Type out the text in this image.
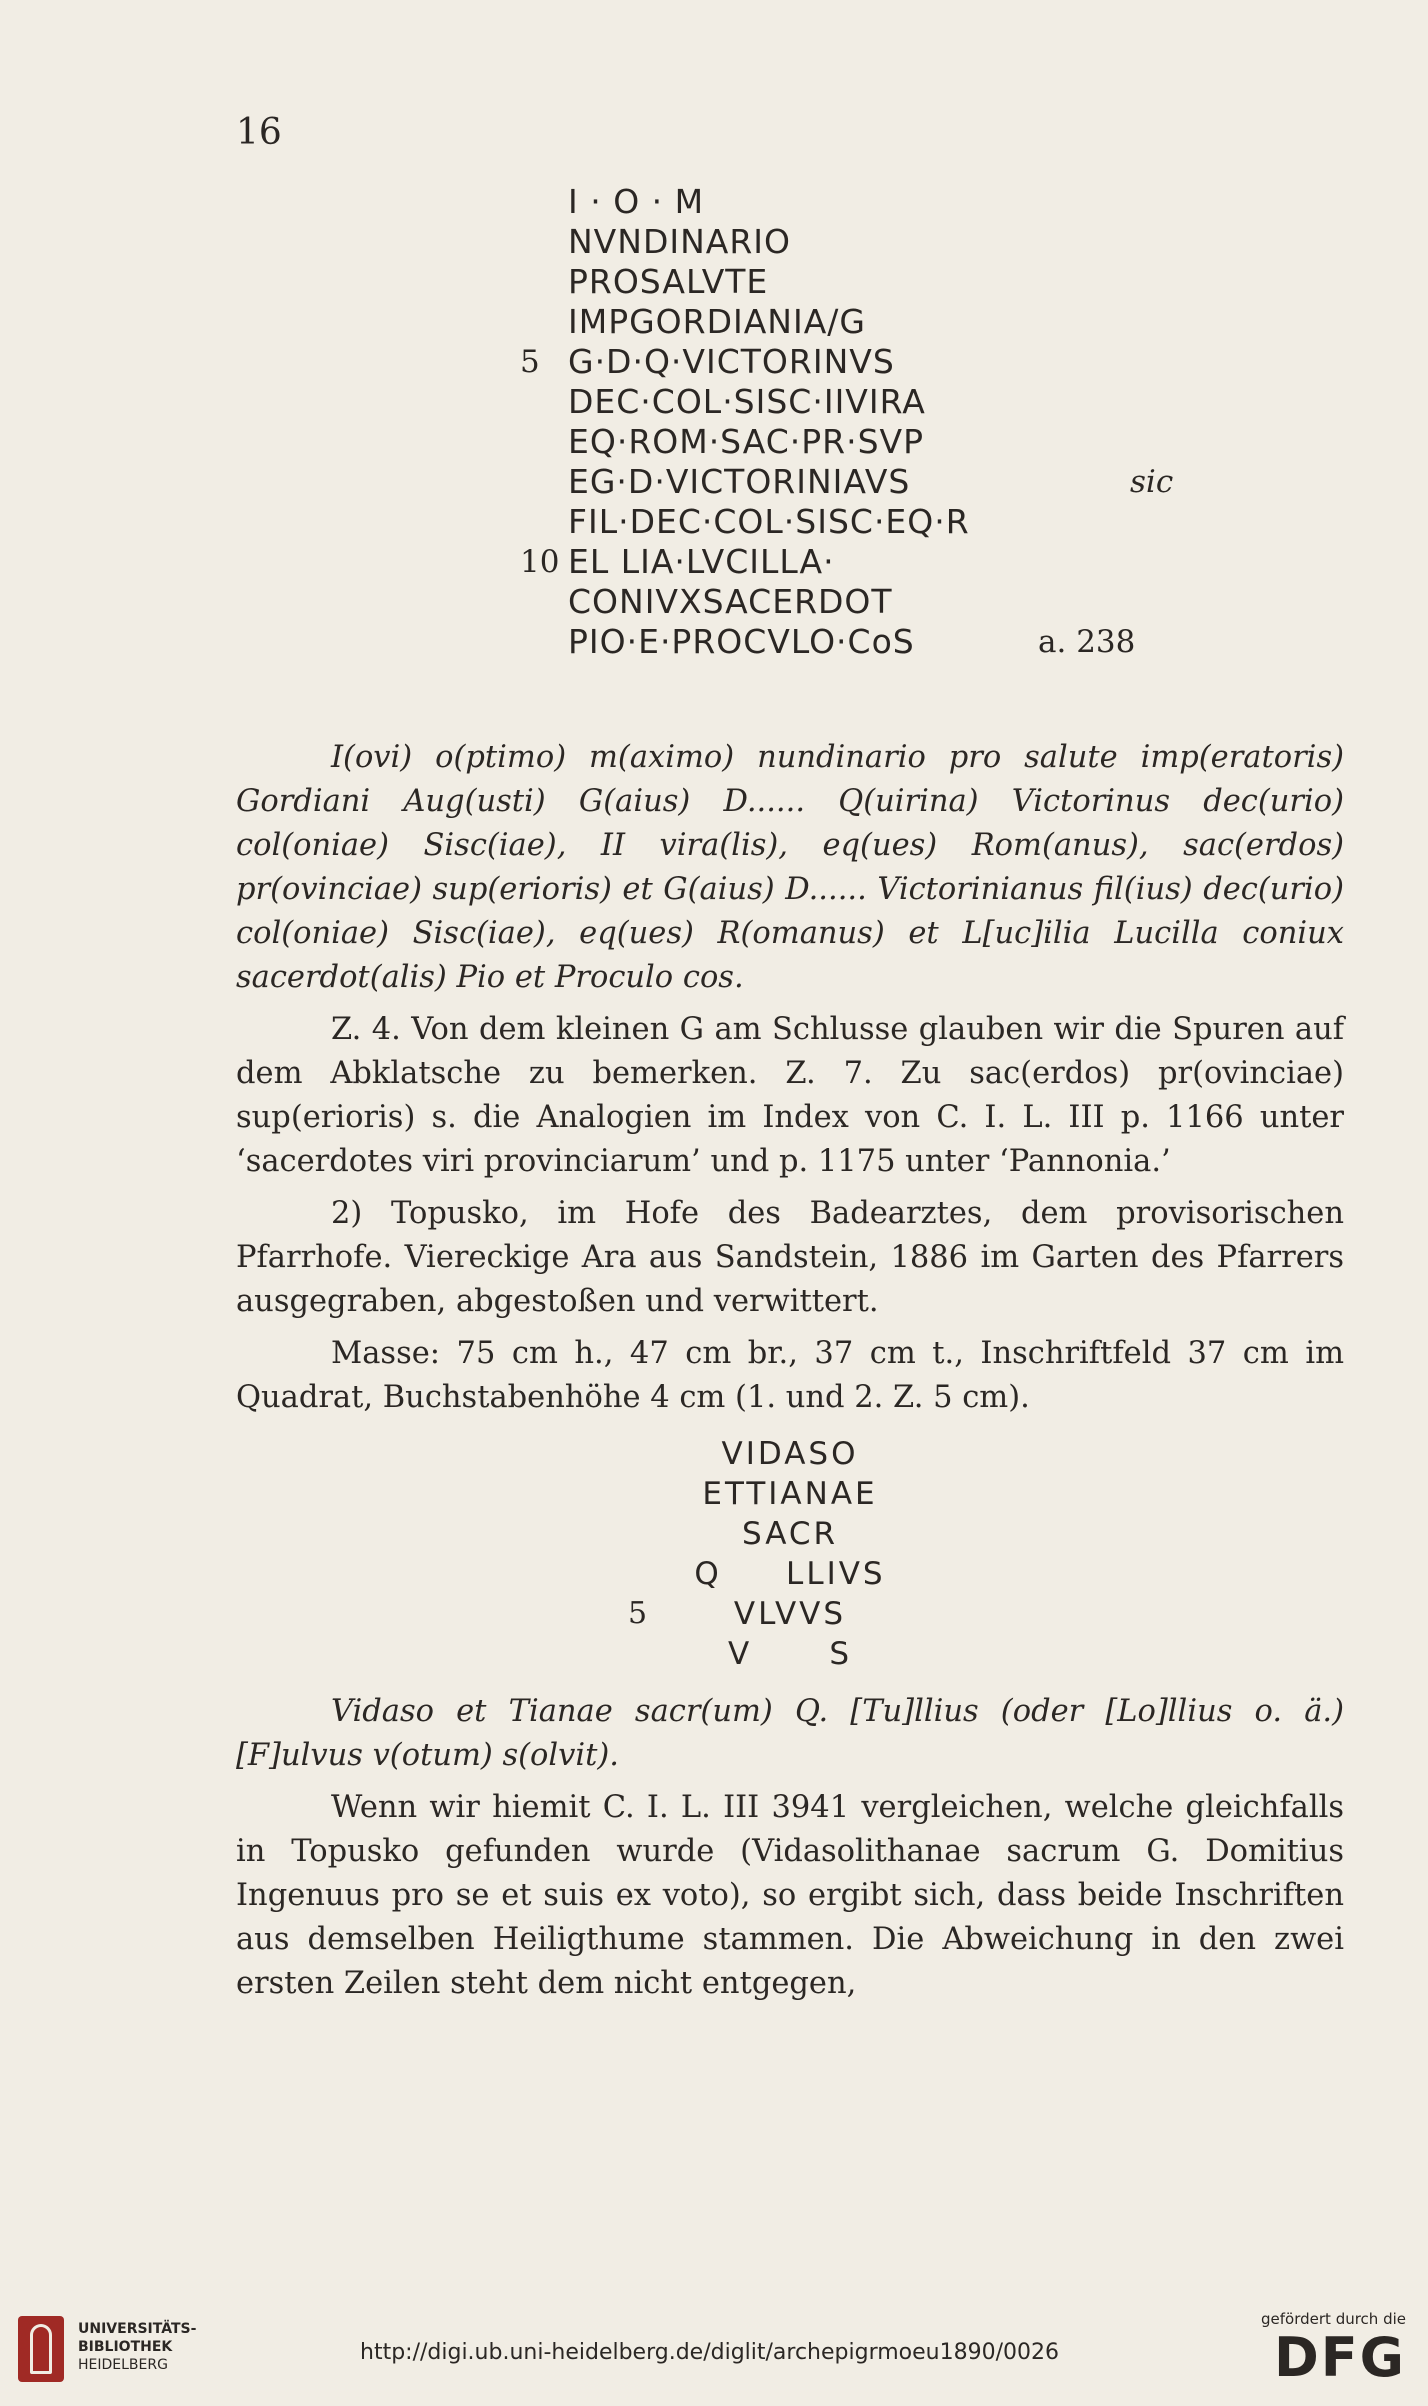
16
I · O · M
NVNDINARIO
PROSALVTE
IMPGORDIANIA/G
5 G·D·Q·VICTORINVS
DEC·COL·SISC·IIVIRA
EQ·ROM·SAC·PR·SVP
EG·D·VICTORINIAVS	sic
FIL·DEC·COL·SISC·EQ·R
10 EL LIA·LVCILLA·
CONIVXSACERDOT
PIO·E·PROCVLO·CoS	a. 238

I(ovi) o(ptimo) m(aximo) nundinario pro salute imp(eratoris) Gordiani Aug(usti) G(aius) D...... Q(uirina) Victorinus dec(urio) col(oniae) Sisc(iae), II vira(lis), eq(ues) Rom(anus), sac(erdos) pr(ovinciae) sup(erioris) et G(aius) D...... Victorinianus fil(ius) dec(urio) col(oniae) Sisc(iae), eq(ues) R(omanus) et L[uc]ilia Lucilla coniux sacerdot(alis) Pio et Proculo cos.

Z. 4. Von dem kleinen G am Schlusse glauben wir die Spuren auf dem Abklatsche zu bemerken. Z. 7. Zu sac(erdos) pr(ovinciae) sup(erioris) s. die Analogien im Index von C. I. L. III p. 1166 unter ‘sacerdotes viri provinciarum’ und p. 1175 unter ‘Pannonia.’

2) Topusko, im Hofe des Badearztes, dem provisorischen Pfarrhofe. Viereckige Ara aus Sandstein, 1886 im Garten des Pfarrers ausgegraben, abgestoßen und verwittert.

Masse: 75 cm h., 47 cm br., 37 cm t., Inschriftfeld 37 cm im Quadrat, Buchstabenhöhe 4 cm (1. und 2. Z. 5 cm).

VIDASO
ETTIANAE
SACR
Q     LLIVS
5	VLVVS
V      S

Vidaso et Tianae sacr(um) Q. [Tu]llius (oder [Lo]llius o. ä.) [F]ulvus v(otum) s(olvit).

Wenn wir hiemit C. I. L. III 3941 vergleichen, welche gleichfalls in Topusko gefunden wurde (Vidasolithanae sacrum G. Domitius Ingenuus pro se et suis ex voto), so ergibt sich, dass beide Inschriften aus demselben Heiligthume stammen. Die Abweichung in den zwei ersten Zeilen steht dem nicht entgegen,

UNIVERSITÄTS-
BIBLIOTHEK
HEIDELBERG	http://digi.ub.uni-heidelberg.de/diglit/archepigrmoeu1890/0026
gefördert durch die
DFG
